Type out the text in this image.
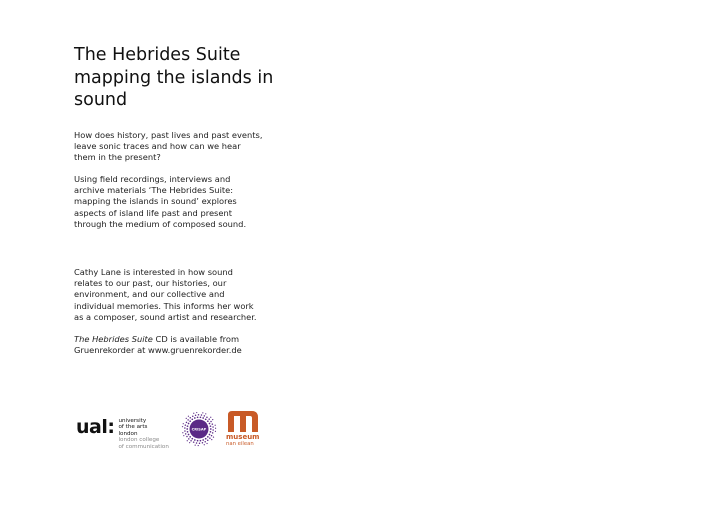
The Hebrides Suite
mapping the islands in
sound

How does history, past lives and past events,
leave sonic traces and how can we hear
them in the present?

Using field recordings, interviews and
archive materials ‘The Hebrides Suite:
mapping the islands in sound’ explores
aspects of island life past and present
through the medium of composed sound.

Cathy Lane is interested in how sound
relates to our past, our histories, our
environment, and our collective and
individual memories. This informs her work
as a composer, sound artist and researcher.

The Hebrides Suite CD is available from
Gruenrekorder at www.gruenrekorder.de

ual: university
of the arts
london
london college
of communication
CRiSAP
museum
nan eilean
